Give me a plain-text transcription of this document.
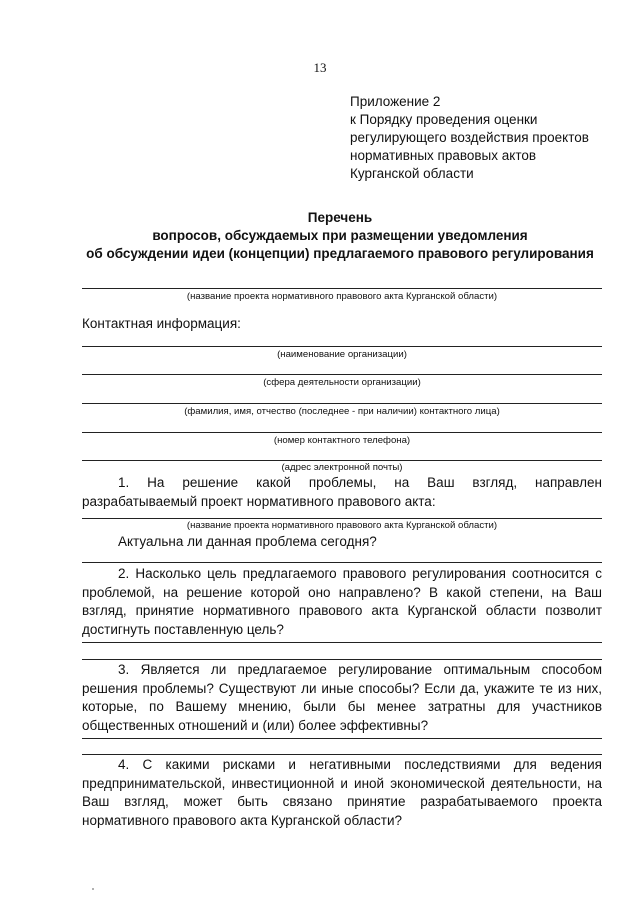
13
Приложение 2
к Порядку проведения оценки
регулирующего воздействия проектов
нормативных правовых актов
Курганской области
Перечень
вопросов, обсуждаемых при размещении уведомления
об обсуждении идеи (концепции) предлагаемого правового регулирования
(название проекта нормативного правового акта Курганской области)
Контактная информация:
(наименование организации)
(сфера деятельности организации)
(фамилия, имя, отчество (последнее - при наличии) контактного лица)
(номер контактного телефона)
(адрес электронной почты)
1. На решение какой проблемы, на Ваш взгляд, направлен разрабатываемый проект нормативного правового акта:
(название проекта нормативного правового акта Курганской области)
Актуальна ли данная проблема сегодня?
2. Насколько цель предлагаемого правового регулирования соотносится с проблемой, на решение которой оно направлено? В какой степени, на Ваш взгляд, принятие нормативного правового акта Курганской области позволит достигнуть поставленную цель?
3. Является ли предлагаемое регулирование оптимальным способом решения проблемы? Существуют ли иные способы? Если да, укажите те из них, которые, по Вашему мнению, были бы менее затратны для участников общественных отношений и (или) более эффективны?
4. С какими рисками и негативными последствиями для ведения предпринимательской, инвестиционной и иной экономической деятельности, на Ваш взгляд, может быть связано принятие разрабатываемого проекта нормативного правового акта Курганской области?
